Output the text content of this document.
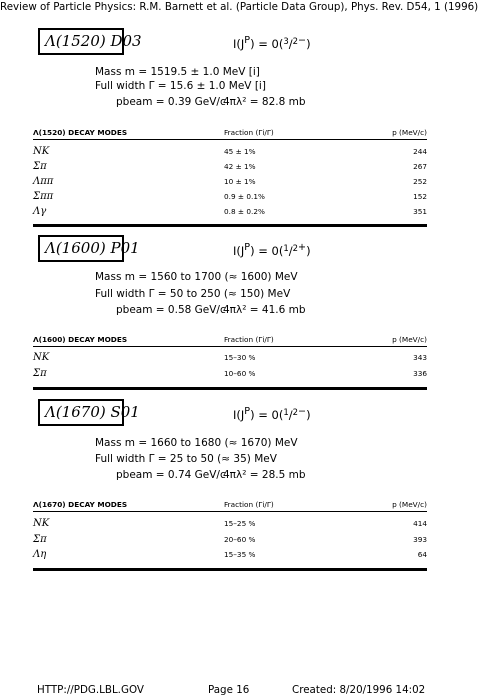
Review of Particle Physics: R.M. Barnett et al. (Particle Data Group), Phys. Rev. D54, 1 (1996)
Λ(1520) D03	$I(J^P) = 0(^3/^{2-})$
Mass m = 1519.5 ± 1.0 MeV [i]
Full width Γ = 15.6 ± 1.0 MeV [i]
pbeam = 0.39 GeV/c
4πλ² = 82.8 mb
Λ(1520) DECAY MODES	Fraction (Γi/Γ)	p (MeV/c)
NK	45 ± 1%	244
Σπ	42 ± 1%	267
Λππ	10 ± 1%	252
Σππ	0.9 ± 0.1%	152
Λγ	0.8 ± 0.2%	351
Λ(1600) P01	$I(J^P) = 0(^1/^{2+})$
Mass m = 1560 to 1700 (≈ 1600) MeV
Full width Γ = 50 to 250 (≈ 150) MeV
pbeam = 0.58 GeV/c
4πλ² = 41.6 mb
Λ(1600) DECAY MODES	Fraction (Γi/Γ)	p (MeV/c)
NK	15–30 %	343
Σπ	10–60 %	336
Λ(1670) S01	$I(J^P) = 0(^1/^{2-})$
Mass m = 1660 to 1680 (≈ 1670) MeV
Full width Γ = 25 to 50 (≈ 35) MeV
pbeam = 0.74 GeV/c
4πλ² = 28.5 mb
Λ(1670) DECAY MODES	Fraction (Γi/Γ)	p (MeV/c)
NK	15–25 %	414
Σπ	20–60 %	393
Λη	15–35 %	64
HTTP://PDG.LBL.GOV	Page 16	Created: 8/20/1996 14:02
